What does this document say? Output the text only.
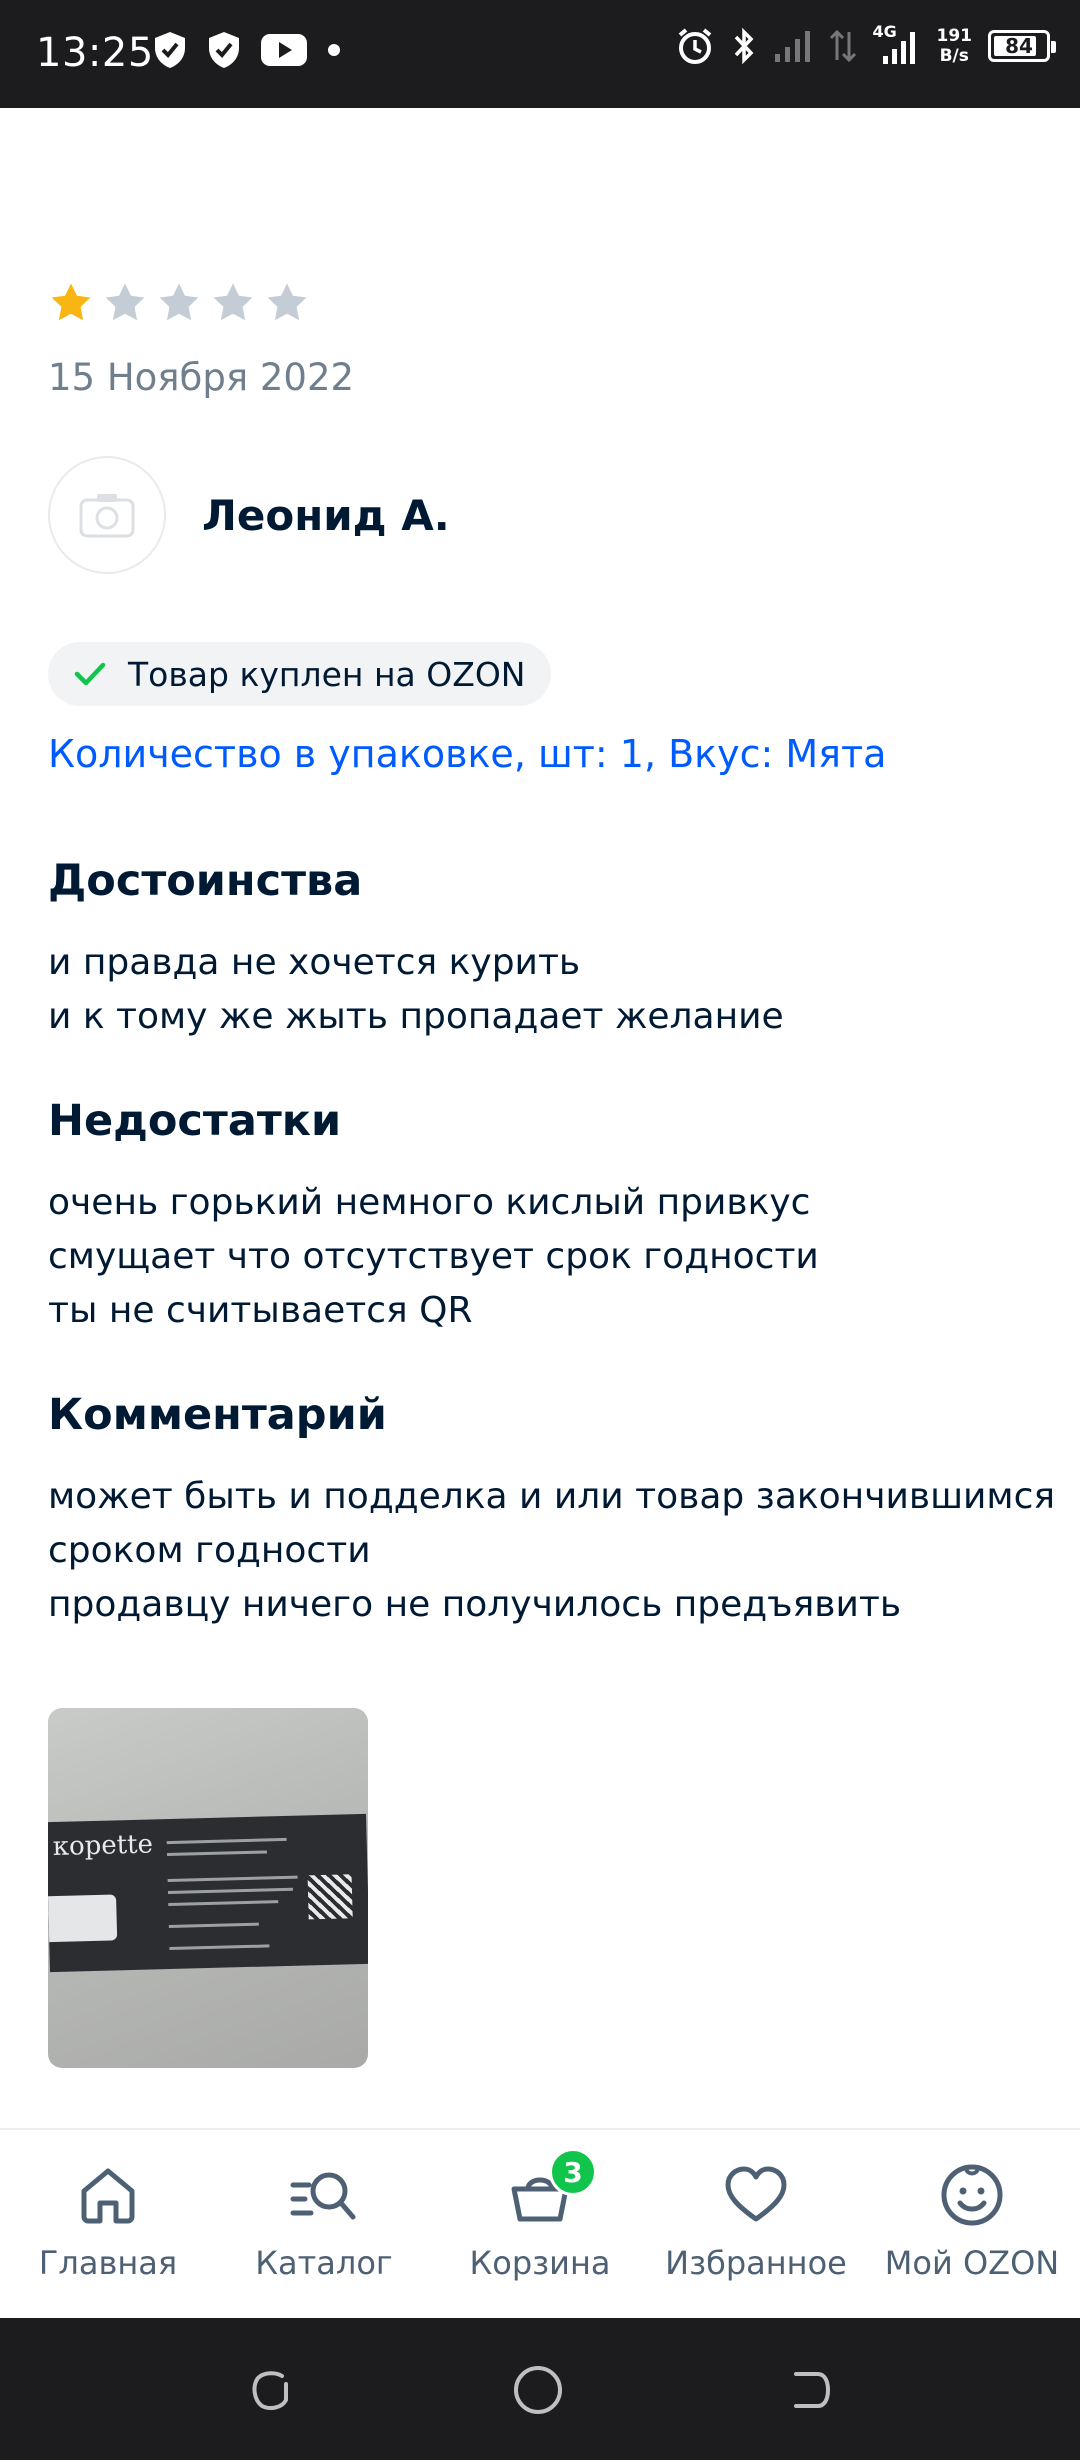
13:25	4G 191
B/s 84
15 Ноября 2022
Леонид А.
Товар куплен на OZON
Количество в упаковке, шт: 1, Вкус: Мята
Достоинства
и правда не хочется курить
и к тому же жыть пропадает желание
Недостатки
очень горький немного кислый привкус
смущает что отсутствует срок годности
ты не считывается QR
Комментарий
может быть и подделка и или товар закончившимся
сроком годности
продавцу ничего не получилось предъявить
корette
Главная Каталог
3
Корзина Избранное Мой OZON
